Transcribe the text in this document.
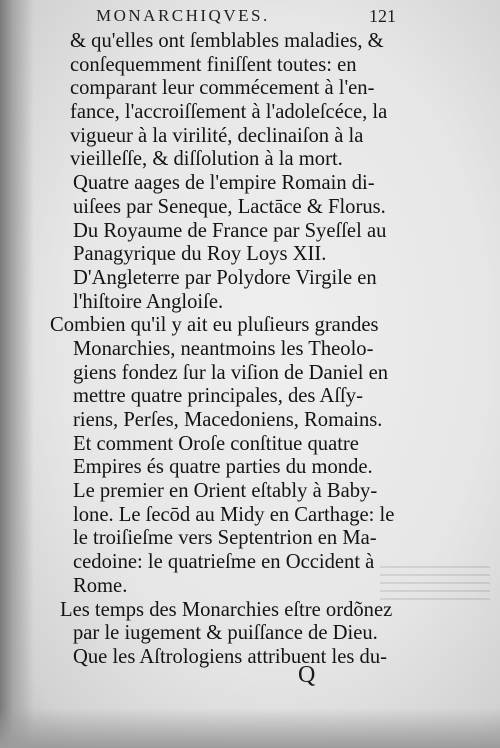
MONARCHIQVES.	121
& qu'elles ont ſemblables maladies, &
conſequemment finiſſent toutes: en
comparant leur commécement à l'en-
fance, l'accroiſſement à l'adoleſcéce, la
vigueur à la virilité, declinaiſon à la
vieilleſſe, & diſſolution à la mort.
Quatre aages de l'empire Romain di-
uiſees par Seneque, Lactāce & Florus.
Du Royaume de France par Syeſſel au
Panagyrique du Roy Loys XII.
D'Angleterre par Polydore Virgile en
l'hiſtoire Angloiſe.
Combien qu'il y ait eu pluſieurs grandes
Monarchies, neantmoins les Theolo-
giens fondez ſur la viſion de Daniel en
mettre quatre principales, des Aſſy-
riens, Perſes, Macedoniens, Romains.
Et comment Oroſe conſtitue quatre
Empires és quatre parties du monde.
Le premier en Orient eſtably à Baby-
lone. Le ſecōd au Midy en Carthage: le
le troiſieſme vers Septentrion en Ma-
cedoine: le quatrieſme en Occident à
Rome.
Les temps des Monarchies eſtre ordõnez
par le iugement & puiſſance de Dieu.
Que les Aſtrologiens attribuent les du-
Q
